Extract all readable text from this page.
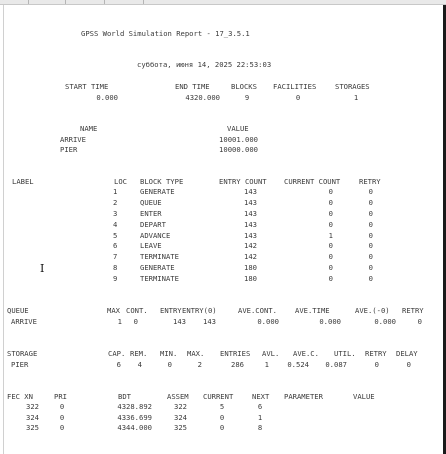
GPSS World Simulation Report - 17_3.5.1
суббота, июня 14, 2025 22:53:03
START TIME	END TIME	BLOCKS FACILITIES	STORAGES
0.000	4320.000	9	0	1
NAME	VALUE
ARRIVE	10001.000
PIER	10000.000
LABEL	LOC BLOCK TYPE	ENTRY COUNT CURRENT COUNT	RETRY
1	GENERATE	143	0	0
2	QUEUE	143	0	0
3	ENTER	143	0	0
4	DEPART	143	0	0
5	ADVANCE	143	1	0
6	LEAVE	142	0	0
7	TERMINATE	142	0	0
8	GENERATE	180	0	0
9	TERMINATE	180	0	0
QUEUE	MAX CONT. ENTRY ENTRY(0)	AVE.CONT.	AVE.TIME	AVE.(-0) RETRY
ARRIVE	1 0	143 143	0.000	0.000	0.000	0
STORAGE	CAP. REM. MIN. MAX. ENTRIES AVL. AVE.C. UTIL. RETRY DELAY
PIER	6 4	0	2	286	1	0.524 0.087	0	0
FEC XN	PRI	BDT	ASSEM CURRENT	NEXT PARAMETER	VALUE
322	0	4328.892	322	5	6
324	0	4336.699	324	0	1
325	0	4344.000	325	0	8
I
